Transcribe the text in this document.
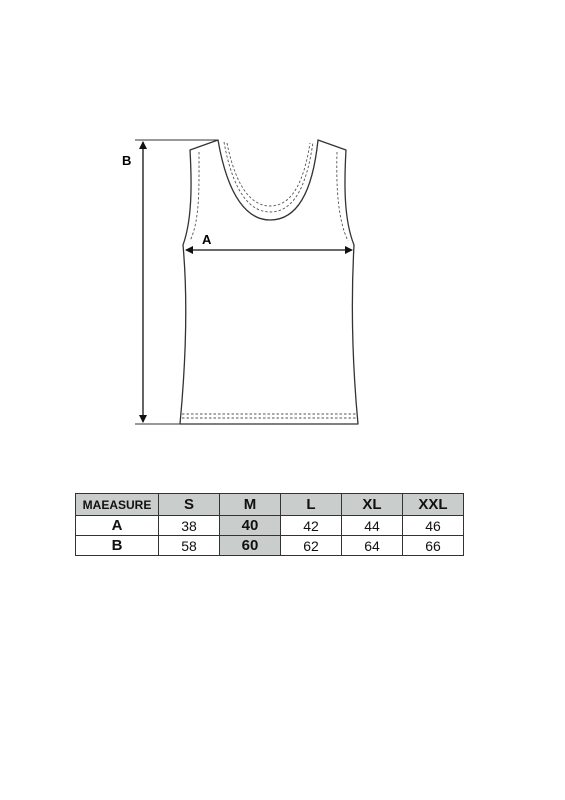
A
B
MAEASURE	S	M	L	XL	XXL
A	38	40	42	44	46
B	58	60	62	64	66
